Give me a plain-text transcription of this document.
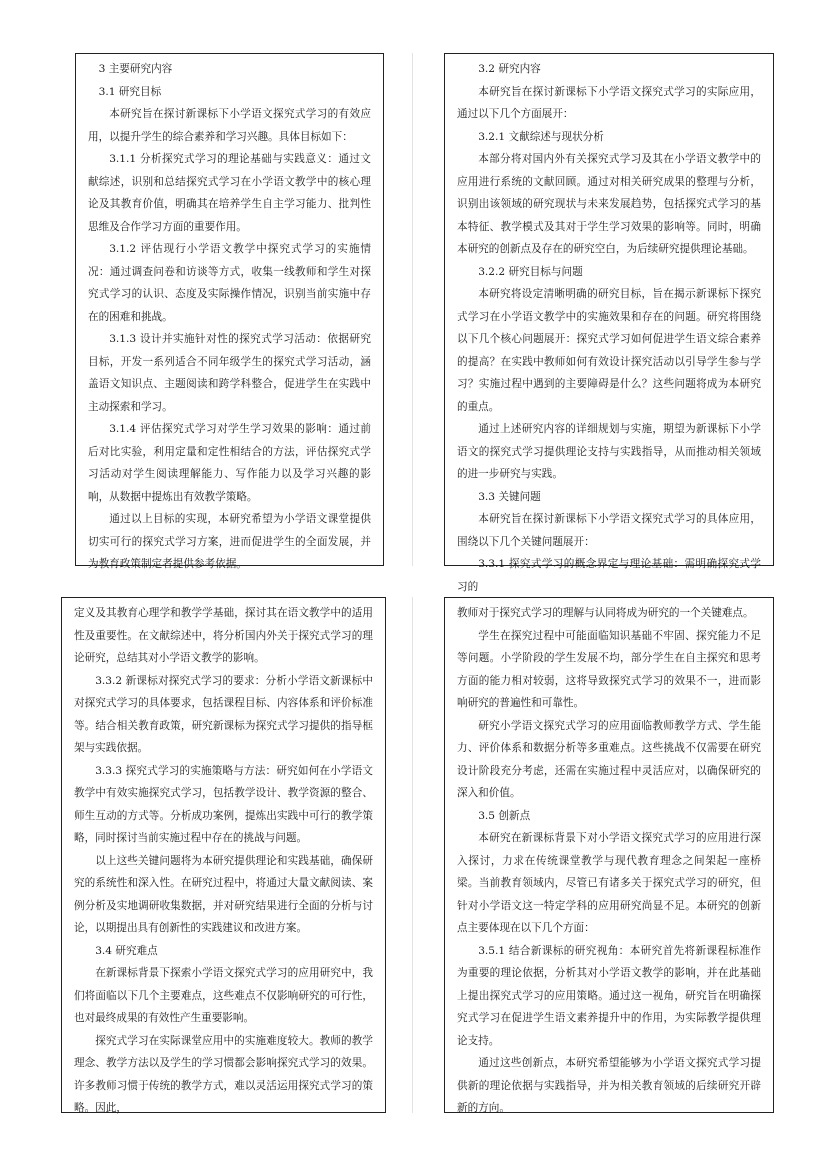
3 主要研究内容

3.1 研究目标

本研究旨在探讨新课标下小学语文探究式学习的有效应用，以提升学生的综合素养和学习兴趣。具体目标如下：

3.1.1 分析探究式学习的理论基础与实践意义：通过文献综述，识别和总结探究式学习在小学语文教学中的核心理论及其教育价值，明确其在培养学生自主学习能力、批判性思维及合作学习方面的重要作用。

3.1.2 评估现行小学语文教学中探究式学习的实施情况：通过调查问卷和访谈等方式，收集一线教师和学生对探究式学习的认识、态度及实际操作情况，识别当前实施中存在的困难和挑战。

3.1.3 设计并实施针对性的探究式学习活动：依据研究目标，开发一系列适合不同年级学生的探究式学习活动，涵盖语文知识点、主题阅读和跨学科整合，促进学生在实践中主动探索和学习。

3.1.4 评估探究式学习对学生学习效果的影响：通过前后对比实验，利用定量和定性相结合的方法，评估探究式学习活动对学生阅读理解能力、写作能力以及学习兴趣的影响，从数据中提炼出有效教学策略。

通过以上目标的实现，本研究希望为小学语文课堂提供切实可行的探究式学习方案，进而促进学生的全面发展，并为教育政策制定者提供参考依据。

3.2 研究内容

本研究旨在探讨新课标下小学语文探究式学习的实际应用，通过以下几个方面展开：

3.2.1 文献综述与现状分析

本部分将对国内外有关探究式学习及其在小学语文教学中的应用进行系统的文献回顾。通过对相关研究成果的整理与分析，识别出该领域的研究现状与未来发展趋势，包括探究式学习的基本特征、教学模式及其对于学生学习效果的影响等。同时，明确本研究的创新点及存在的研究空白，为后续研究提供理论基础。

3.2.2 研究目标与问题

本研究将设定清晰明确的研究目标，旨在揭示新课标下探究式学习在小学语文教学中的实施效果和存在的问题。研究将围绕以下几个核心问题展开：探究式学习如何促进学生语文综合素养的提高？在实践中教师如何有效设计探究活动以引导学生参与学习？实施过程中遇到的主要障碍是什么？这些问题将成为本研究的重点。

通过上述研究内容的详细规划与实施，期望为新课标下小学语文的探究式学习提供理论支持与实践指导，从而推动相关领域的进一步研究与实践。

3.3 关键问题

本研究旨在探讨新课标下小学语文探究式学习的具体应用，围绕以下几个关键问题展开：

3.3.1 探究式学习的概念界定与理论基础：需明确探究式学习的

定义及其教育心理学和教学学基础，探讨其在语文教学中的适用性及重要性。在文献综述中，将分析国内外关于探究式学习的理论研究，总结其对小学语文教学的影响。

3.3.2 新课标对探究式学习的要求：分析小学语文新课标中对探究式学习的具体要求，包括课程目标、内容体系和评价标准等。结合相关教育政策，研究新课标为探究式学习提供的指导框架与实践依据。

3.3.3 探究式学习的实施策略与方法：研究如何在小学语文教学中有效实施探究式学习，包括教学设计、教学资源的整合、师生互动的方式等。分析成功案例，提炼出实践中可行的教学策略，同时探讨当前实施过程中存在的挑战与问题。

以上这些关键问题将为本研究提供理论和实践基础，确保研究的系统性和深入性。在研究过程中，将通过大量文献阅读、案例分析及实地调研收集数据，并对研究结果进行全面的分析与讨论，以期提出具有创新性的实践建议和改进方案。

3.4 研究难点

在新课标背景下探索小学语文探究式学习的应用研究中，我们将面临以下几个主要难点，这些难点不仅影响研究的可行性，也对最终成果的有效性产生重要影响。

探究式学习在实际课堂应用中的实施难度较大。教师的教学理念、教学方法以及学生的学习惯都会影响探究式学习的效果。许多教师习惯于传统的教学方式，难以灵活运用探究式学习的策略。因此，

教师对于探究式学习的理解与认同将成为研究的一个关键难点。

学生在探究过程中可能面临知识基础不牢固、探究能力不足等问题。小学阶段的学生发展不均，部分学生在自主探究和思考方面的能力相对较弱，这将导致探究式学习的效果不一，进而影响研究的普遍性和可靠性。

研究小学语文探究式学习的应用面临教师教学方式、学生能力、评价体系和数据分析等多重难点。这些挑战不仅需要在研究设计阶段充分考虑，还需在实施过程中灵活应对，以确保研究的深入和价值。

3.5 创新点

本研究在新课标背景下对小学语文探究式学习的应用进行深入探讨，力求在传统课堂教学与现代教育理念之间架起一座桥梁。当前教育领域内，尽管已有诸多关于探究式学习的研究，但针对小学语文这一特定学科的应用研究尚显不足。本研究的创新点主要体现在以下几个方面：

3.5.1 结合新课标的研究视角：本研究首先将新课程标准作为重要的理论依据，分析其对小学语文教学的影响，并在此基础上提出探究式学习的应用策略。通过这一视角，研究旨在明确探究式学习在促进学生语文素养提升中的作用，为实际教学提供理论支持。

通过这些创新点，本研究希望能够为小学语文探究式学习提供新的理论依据与实践指导，并为相关教育领域的后续研究开辟新的方向。
